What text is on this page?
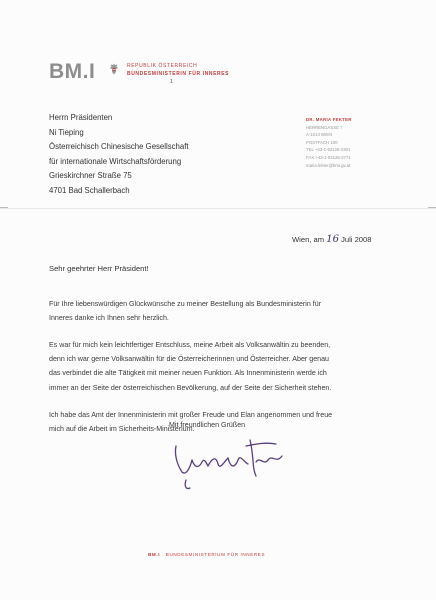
BM.I	REPUBLIK ÖSTERREICH
BUNDESMINISTERIN FÜR INNERES
1
Herrn Präsidenten
Ni Tieping
Österreichisch Chinesische Gesellschaft
für internationale Wirtschaftsförderung
Grieskirchner Straße 75
4701 Bad Schallerbach
DR. MARIA FEKTER
HERRENGASSE 7
A-1014 WIEN
POSTFACH 100
TEL +43-1-53126-2301
FAX +43-1-53126-2771
maria.fekter@bmi.gv.at
Wien, am 16 Juli 2008
Sehr geehrter Herr Präsident!
Für Ihre liebenswürdigen Glückwünsche zu meiner Bestellung als Bundesministerin für
Inneres danke ich Ihnen sehr herzlich.
Es war für mich kein leichtfertiger Entschluss, meine Arbeit als Volksanwältin zu beenden,
denn ich war gerne Volksanwältin für die Österreicherinnen und Österreicher. Aber genau
das verbindet die alte Tätigkeit mit meiner neuen Funktion. Als Innenministerin werde ich
immer an der Seite der österreichischen Bevölkerung, auf der Seite der Sicherheit stehen.
Ich habe das Amt der Innenministerin mit großer Freude und Elan angenommen und freue
mich auf die Arbeit im Sicherheits-Ministerium.
Mit freundlichen Grüßen
BM.I BUNDESMINISTERIUM FÜR INNERES
